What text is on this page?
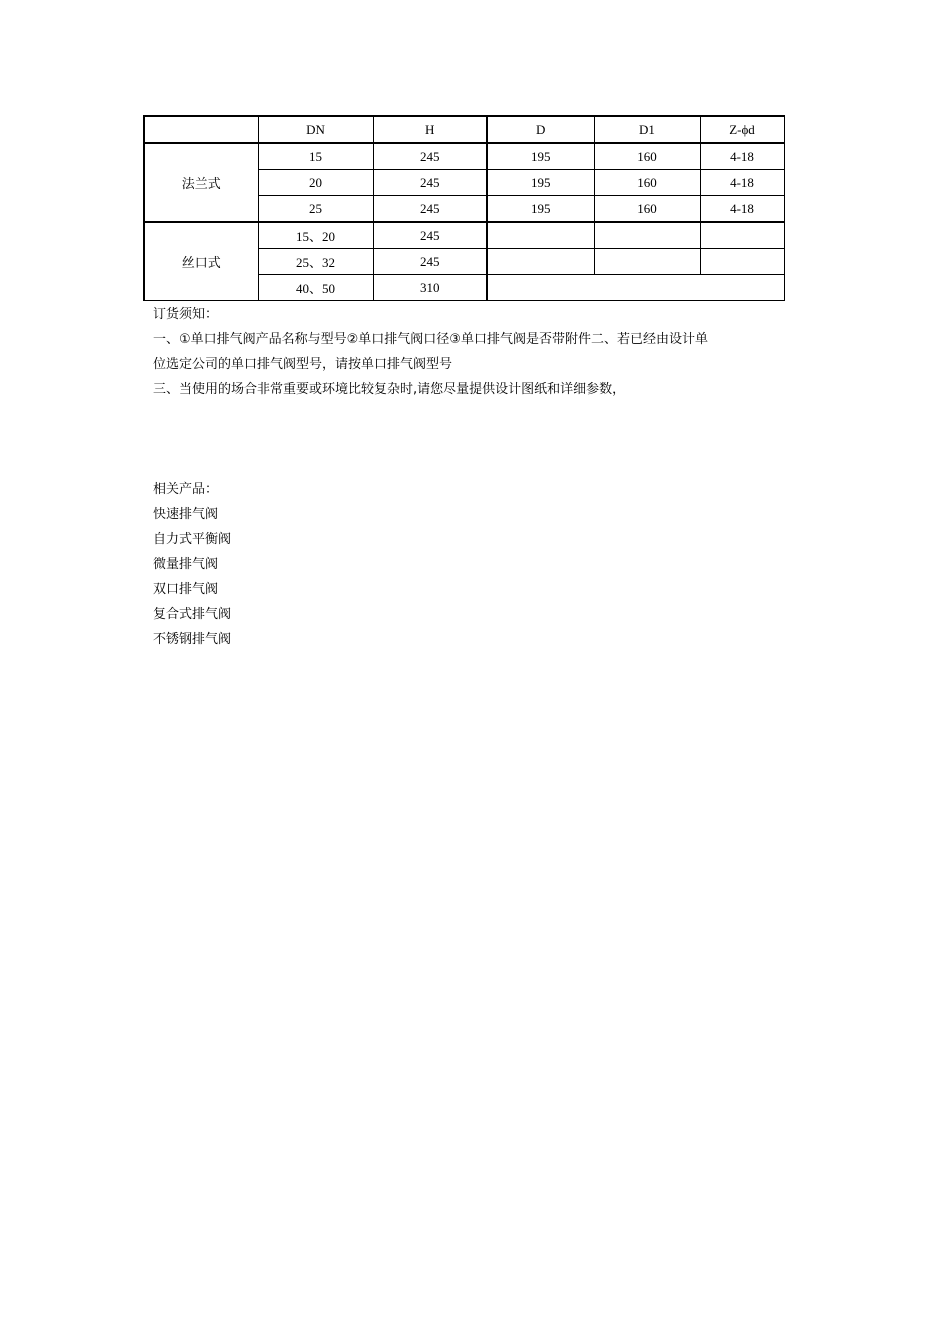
	DN	H	D	D1	Z-ϕd
法兰式	15	245	195	160	4-18
	20	245	195	160	4-18
	25	245	195	160	4-18
丝口式	15、20	245			
	25、32	245			
	40、50	310			
订货须知：
一、①单口排气阀产品名称与型号②单口排气阀口径③单口排气阀是否带附件二、若已经由设计单
位选定公司的单口排气阀型号，请按单口排气阀型号
三、当使用的场合非常重要或环境比较复杂时,请您尽量提供设计图纸和详细参数，
相关产品：
快速排气阀
自力式平衡阀
微量排气阀
双口排气阀
复合式排气阀
不锈钢排气阀
